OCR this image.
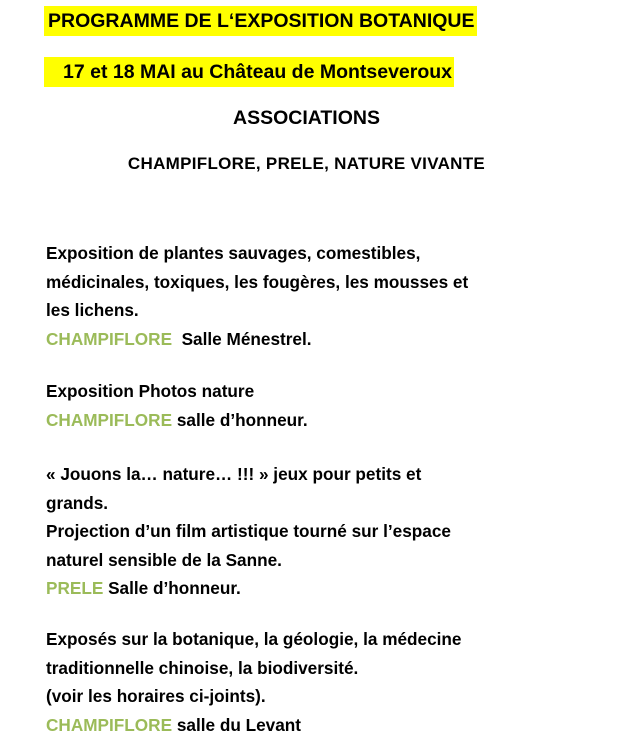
PROGRAMME DE L‘EXPOSITION BOTANIQUE
17 et 18 MAI au Château de Montseveroux
ASSOCIATIONS
CHAMPIFLORE, PRELE, NATURE VIVANTE
Exposition de plantes sauvages, comestibles,
médicinales, toxiques, les fougères, les mousses et
les lichens.
CHAMPIFLORE  Salle Ménestrel.
Exposition Photos nature
CHAMPIFLORE salle d’honneur.
« Jouons la… nature… !!! » jeux pour petits et
grands.
Projection d’un film artistique tourné sur l’espace
naturel sensible de la Sanne.
PRELE Salle d’honneur.
Exposés sur la botanique, la géologie, la médecine
traditionnelle chinoise, la biodiversité.
(voir les horaires ci-joints).
CHAMPIFLORE salle du Levant
